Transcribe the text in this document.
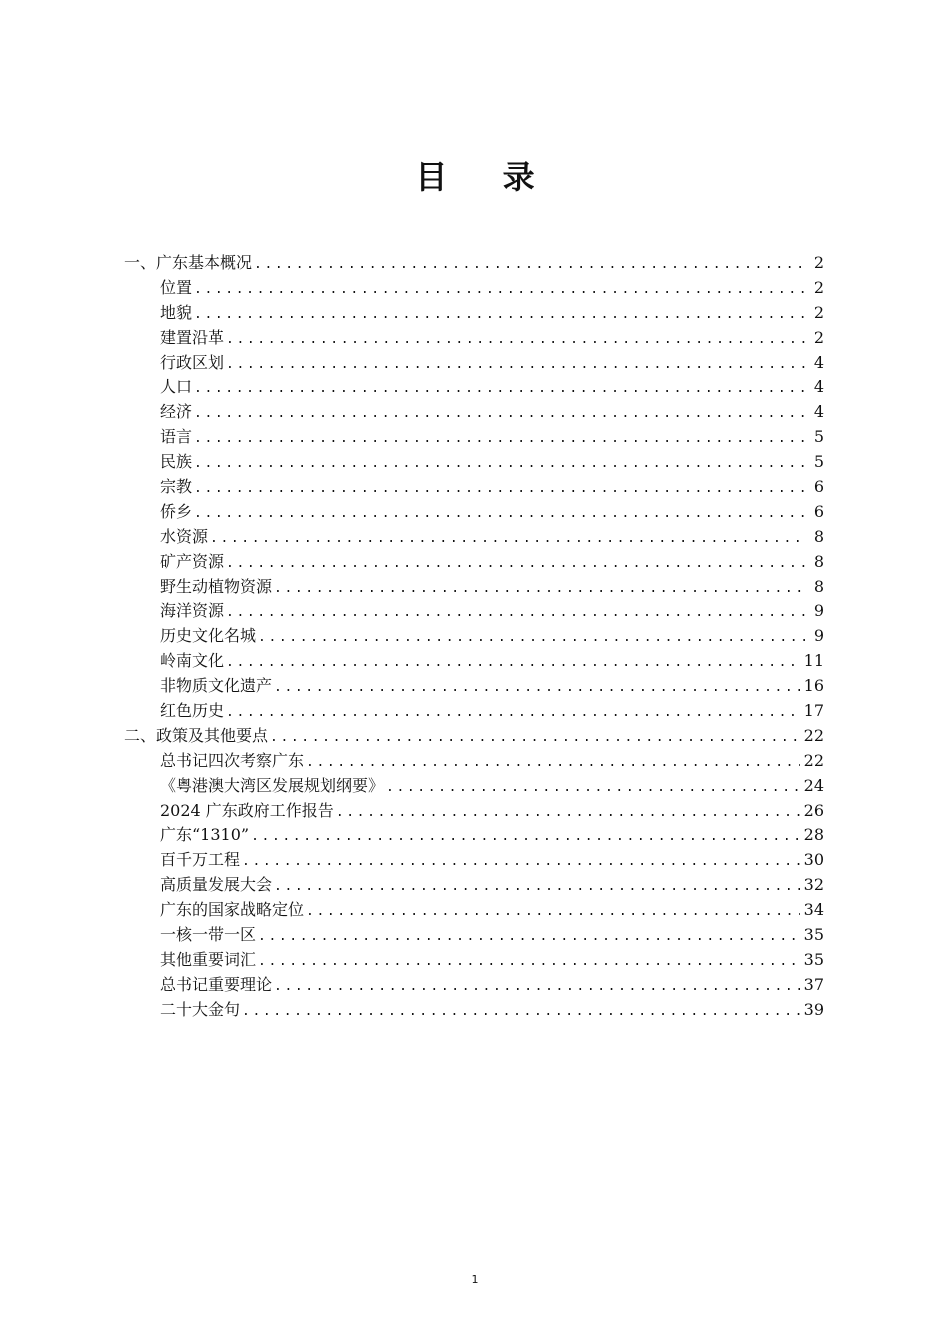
目 录
一、广东基本概况 .....	2
位置 .....	2
地貌 .....	2
建置沿革 .....	2
行政区划 .....	4
人口 .....	4
经济 .....	4
语言 .....	5
民族 .....	5
宗教 .....	6
侨乡 .....	6
水资源 .....	8
矿产资源 .....	8
野生动植物资源 .....	8
海洋资源 .....	9
历史文化名城 .....	9
岭南文化 .....	11
非物质文化遗产 .....	16
红色历史 .....	17
二、政策及其他要点 .....	22
总书记四次考察广东 .....	22
《粤港澳大湾区发展规划纲要》 .....	24
2024 广东政府工作报告 .....	26
广东“1310” .....	28
百千万工程 .....	30
高质量发展大会 .....	32
广东的国家战略定位 .....	34
一核一带一区 .....	35
其他重要词汇 .....	35
总书记重要理论 .....	37
二十大金句 .....	39
1
